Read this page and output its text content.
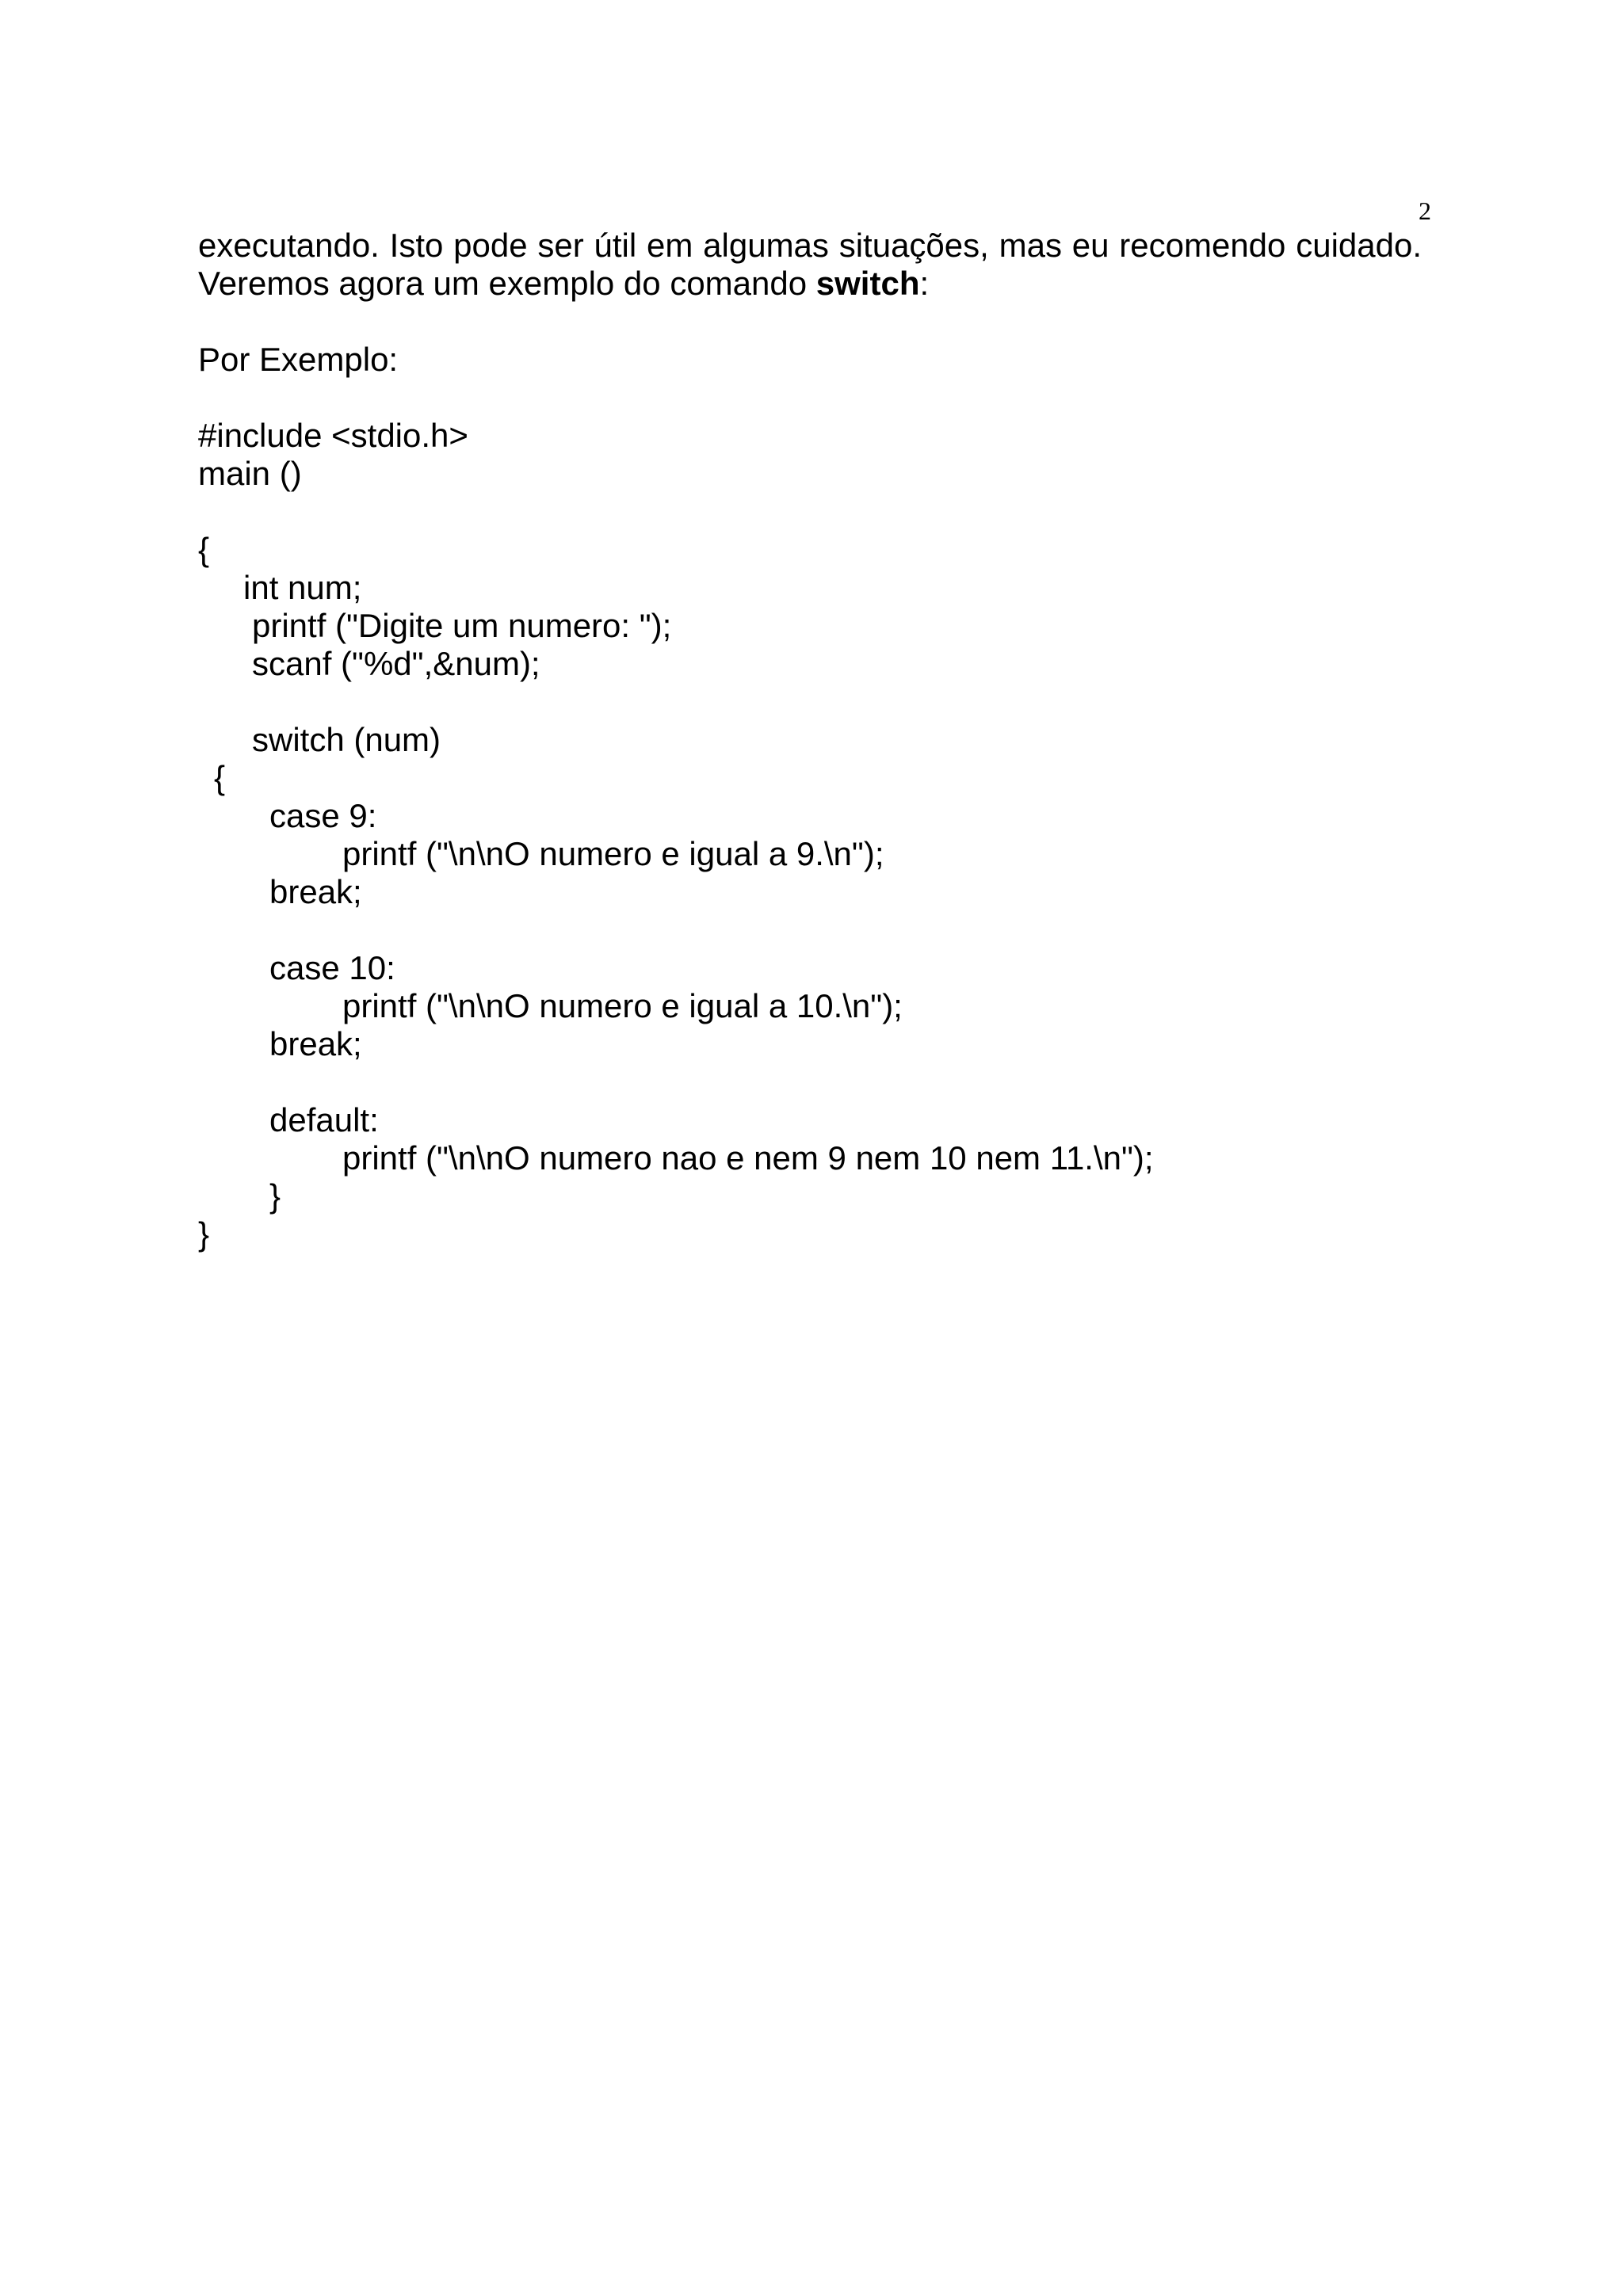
2
executando. Isto pode ser útil em algumas situações, mas eu recomendo cuidado.
Veremos agora um exemplo do comando switch:
Por Exemplo:
#include <stdio.h>
main ()
{
int num;
printf ("Digite um numero: ");
scanf ("%d",&num);
switch (num)
{
case 9:
printf ("\n\nO numero e igual a 9.\n");
break;
case 10:
printf ("\n\nO numero e igual a 10.\n");
break;
default:
printf ("\n\nO numero nao e nem 9 nem 10 nem 11.\n");
}
}
